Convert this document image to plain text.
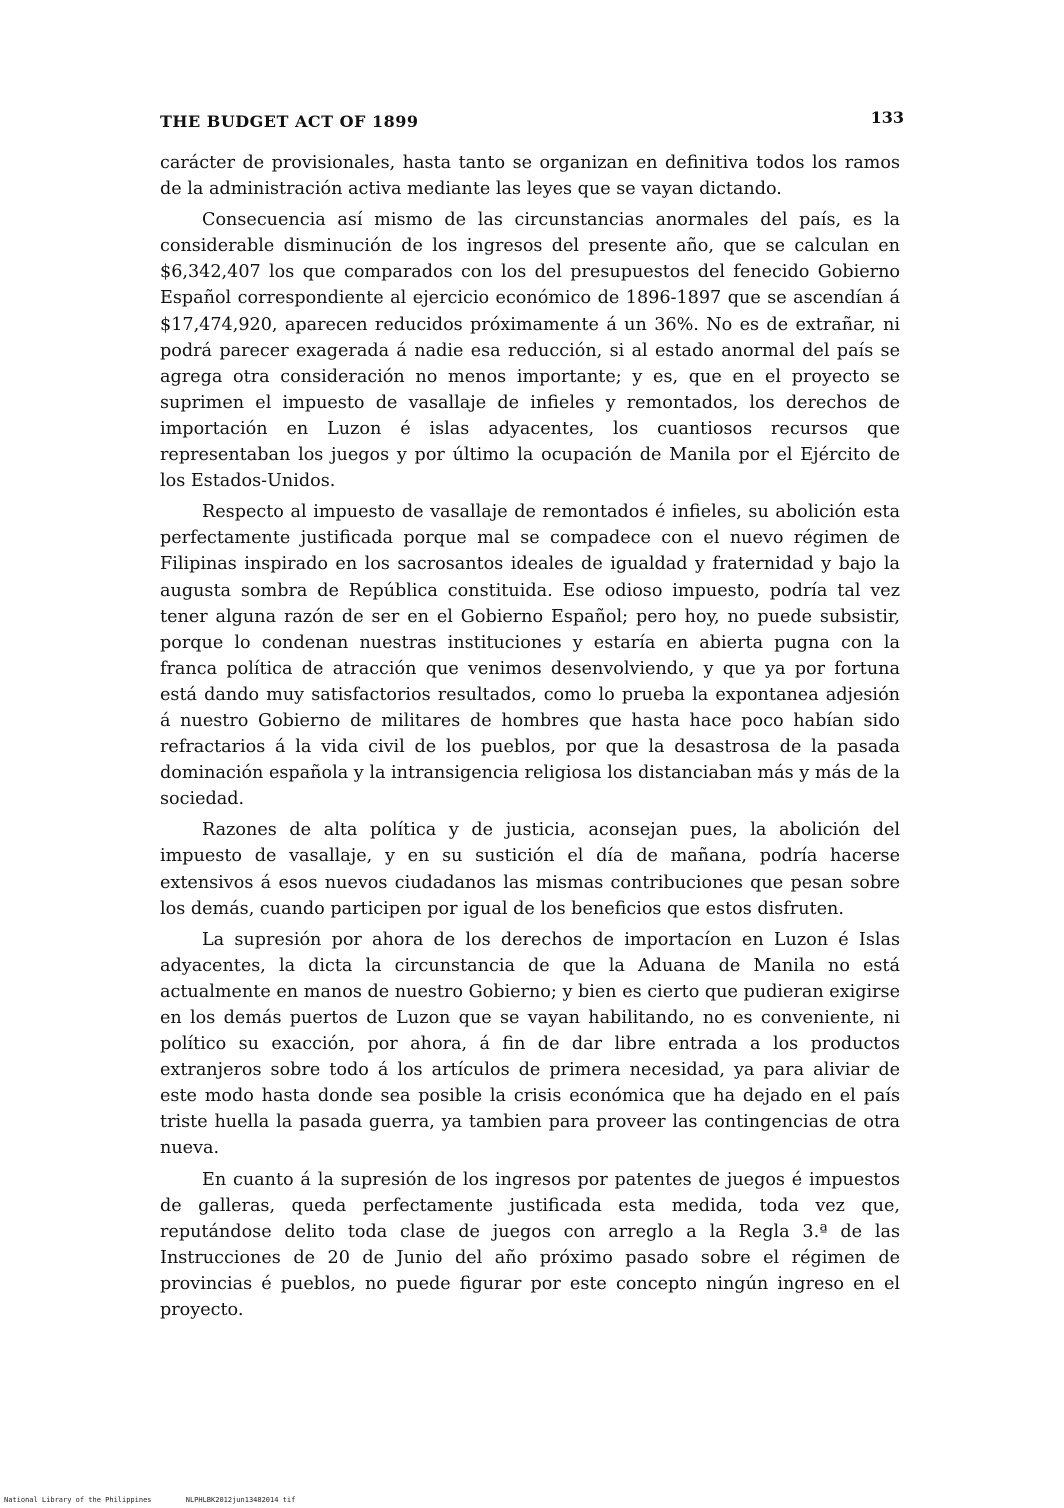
THE BUDGET ACT OF 1899	133

carácter de provisionales, hasta tanto se organizan en definitiva todos los ramos de la administración activa mediante las leyes que se vayan dictando.

Consecuencia así mismo de las circunstancias anormales del país, es la considerable disminución de los ingresos del presente año, que se calculan en $6,342,407 los que comparados con los del presupuestos del fenecido Gobierno Español correspondiente al ejercicio económico de 1896-1897 que se ascendían á $17,474,920, aparecen reducidos próximamente á un 36%. No es de extrañar, ni podrá parecer exagerada á nadie esa reducción, si al estado anormal del país se agrega otra consideración no menos importante; y es, que en el proyecto se suprimen el impuesto de vasallaje de infieles y remontados, los derechos de importación en Luzon é islas adyacentes, los cuantiosos recursos que representaban los juegos y por último la ocupación de Manila por el Ejército de los Estados-Unidos.

Respecto al impuesto de vasallaje de remontados é infieles, su abolición esta perfectamente justificada porque mal se compadece con el nuevo régimen de Filipinas inspirado en los sacrosantos ideales de igualdad y fraternidad y bajo la augusta sombra de República constituida. Ese odioso impuesto, podría tal vez tener alguna razón de ser en el Gobierno Español; pero hoy, no puede subsistir, porque lo condenan nuestras instituciones y estaría en abierta pugna con la franca política de atracción que venimos desenvolviendo, y que ya por fortuna está dando muy satisfactorios resultados, como lo prueba la expontanea adjesión á nuestro Gobierno de militares de hombres que hasta hace poco habían sido refractarios á la vida civil de los pueblos, por que la desastrosa de la pasada dominación española y la intransigencia religiosa los distanciaban más y más de la sociedad.

Razones de alta política y de justicia, aconsejan pues, la abolición del impuesto de vasallaje, y en su sustición el día de mañana, podría hacerse extensivos á esos nuevos ciudadanos las mismas contribuciones que pesan sobre los demás, cuando participen por igual de los beneficios que estos disfruten.

La supresión por ahora de los derechos de importacíon en Luzon é Islas adyacentes, la dicta la circunstancia de que la Aduana de Manila no está actualmente en manos de nuestro Gobierno; y bien es cierto que pudieran exigirse en los demás puertos de Luzon que se vayan habilitando, no es conveniente, ni político su exacción, por ahora, á fin de dar libre entrada a los productos extranjeros sobre todo á los artículos de primera necesidad, ya para aliviar de este modo hasta donde sea posible la crisis económica que ha dejado en el país triste huella la pasada guerra, ya tambien para proveer las contingencias de otra nueva.

En cuanto á la supresión de los ingresos por patentes de juegos é impuestos de galleras, queda perfectamente justificada esta medida, toda vez que, reputándose delito toda clase de juegos con arreglo a la Regla 3.ª de las Instrucciones de 20 de Junio del año próximo pasado sobre el régimen de provincias é pueblos, no puede figurar por este concepto ningún ingreso en el proyecto.

National Library of the Philippines	NLPHLBK2012jun13482014 tif
